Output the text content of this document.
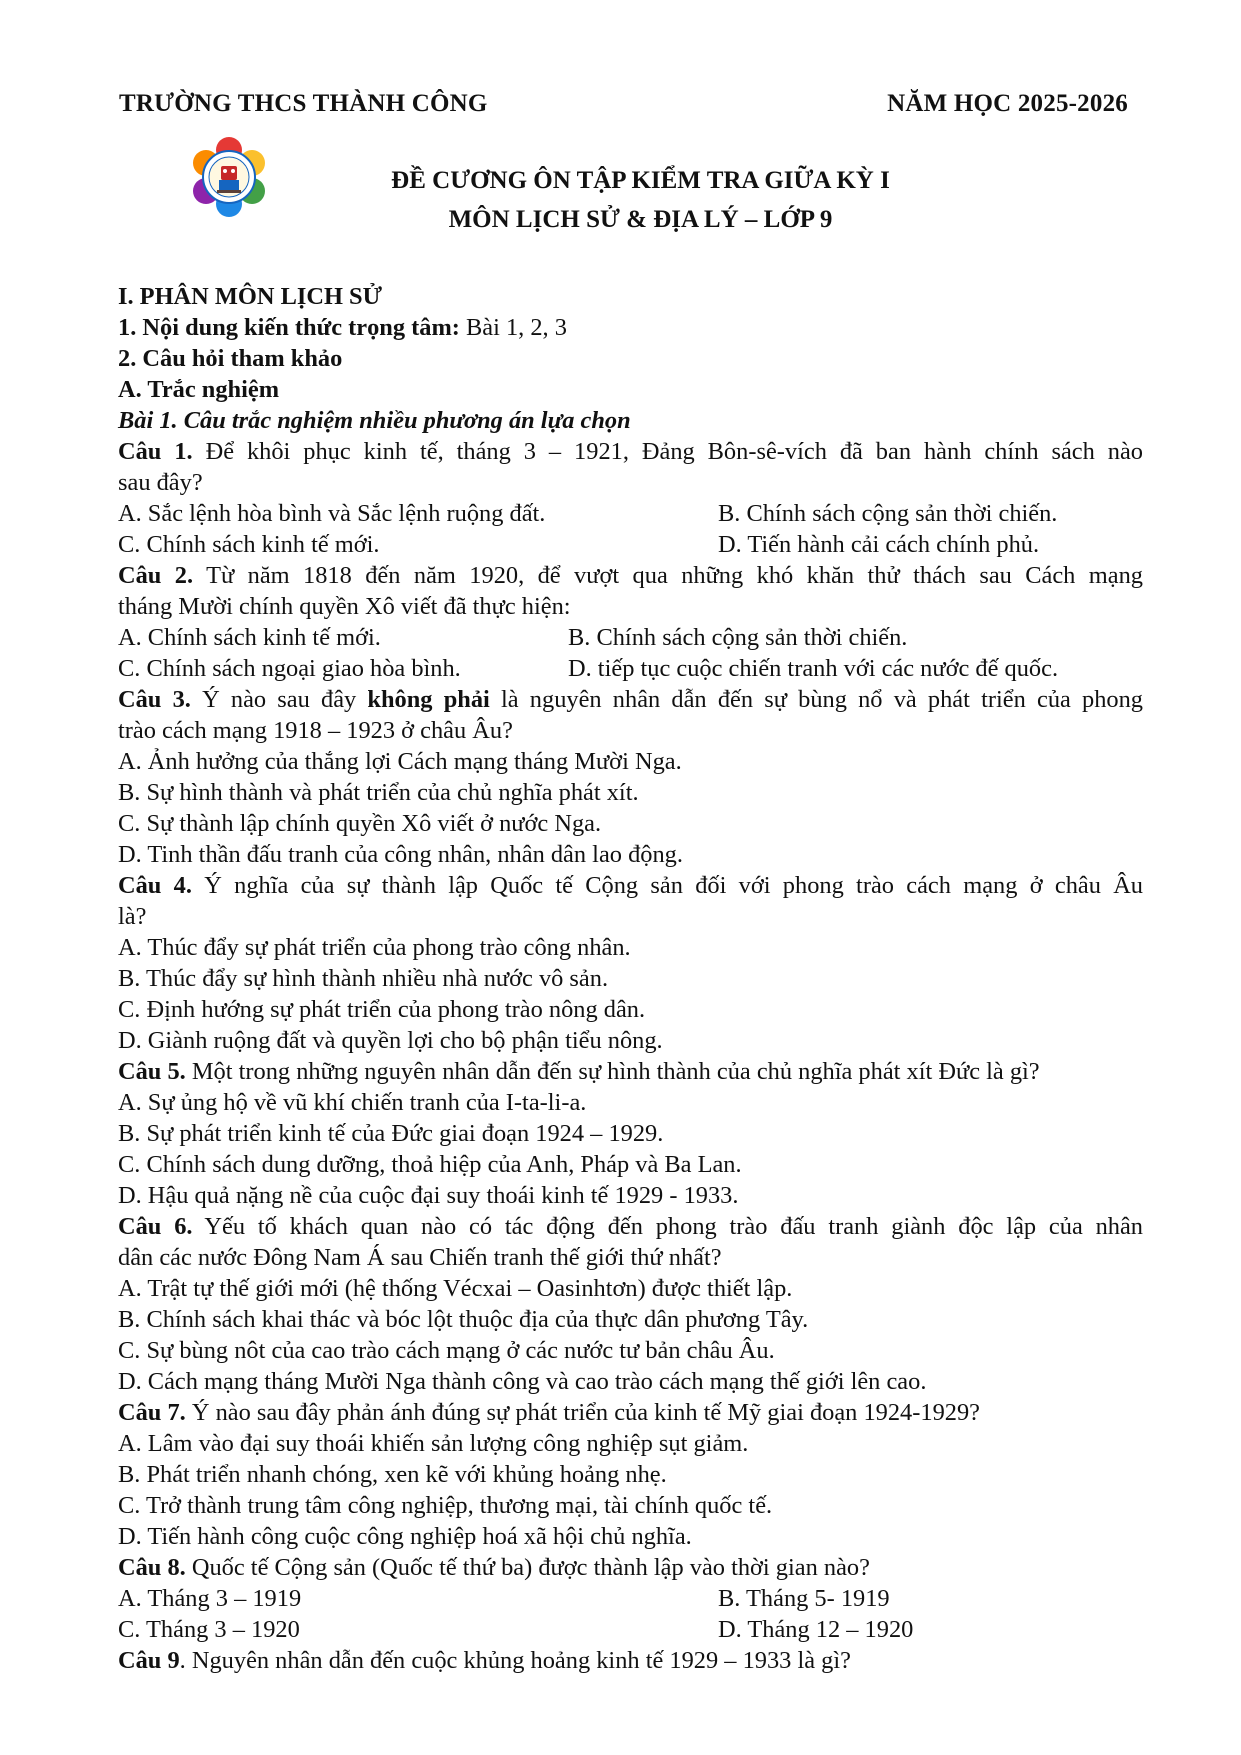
TRƯỜNG THCS THÀNH CÔNG	NĂM HỌC 2025-2026
ĐỀ CƯƠNG ÔN TẬP KIỂM TRA GIỮA KỲ I
MÔN LỊCH SỬ & ĐỊA LÝ – LỚP 9
I. PHÂN MÔN LỊCH SỬ
1. Nội dung kiến thức trọng tâm: Bài 1, 2, 3
2. Câu hỏi tham khảo
A. Trắc nghiệm
Bài 1. Câu trắc nghiệm nhiều phương án lựa chọn
Câu 1. Để khôi phục kinh tế, tháng 3 – 1921, Đảng Bôn-sê-vích đã ban hành chính sách nào
sau đây?
A. Sắc lệnh hòa bình và Sắc lệnh ruộng đất.	B. Chính sách cộng sản thời chiến.
C. Chính sách kinh tế mới.	D. Tiến hành cải cách chính phủ.
Câu 2. Từ năm 1818 đến năm 1920, để vượt qua những khó khăn thử thách sau Cách mạng
tháng Mười chính quyền Xô viết đã thực hiện:
A. Chính sách kinh tế mới.	B. Chính sách cộng sản thời chiến.
C. Chính sách ngoại giao hòa bình.	D. tiếp tục cuộc chiến tranh với các nước đế quốc.
Câu 3. Ý nào sau đây không phải là nguyên nhân dẫn đến sự bùng nổ và phát triển của phong
trào cách mạng 1918 – 1923 ở châu Âu?
A. Ảnh hưởng của thắng lợi Cách mạng tháng Mười Nga.
B. Sự hình thành và phát triển của chủ nghĩa phát xít.
C. Sự thành lập chính quyền Xô viết ở nước Nga.
D. Tinh thần đấu tranh của công nhân, nhân dân lao động.
Câu 4. Ý nghĩa của sự thành lập Quốc tế Cộng sản đối với phong trào cách mạng ở châu Âu
là?
A. Thúc đẩy sự phát triển của phong trào công nhân.
B. Thúc đẩy sự hình thành nhiều nhà nước vô sản.
C. Định hướng sự phát triển của phong trào nông dân.
D. Giành ruộng đất và quyền lợi cho bộ phận tiểu nông.
Câu 5. Một trong những nguyên nhân dẫn đến sự hình thành của chủ nghĩa phát xít Đức là gì?
A. Sự ủng hộ về vũ khí chiến tranh của I-ta-li-a.
B. Sự phát triển kinh tế của Đức giai đoạn 1924 – 1929.
C. Chính sách dung dưỡng, thoả hiệp của Anh, Pháp và Ba Lan.
D. Hậu quả nặng nề của cuộc đại suy thoái kinh tế 1929 - 1933.
Câu 6. Yếu tố khách quan nào có tác động đến phong trào đấu tranh giành độc lập của nhân
dân các nước Đông Nam Á sau Chiến tranh thế giới thứ nhất?
A. Trật tự thế giới mới (hệ thống Vécxai – Oasinhtơn) được thiết lập.
B. Chính sách khai thác và bóc lột thuộc địa của thực dân phương Tây.
C. Sự bùng nôt của cao trào cách mạng ở các nước tư bản châu Âu.
D. Cách mạng tháng Mười Nga thành công và cao trào cách mạng thế giới lên cao.
Câu 7. Ý nào sau đây phản ánh đúng sự phát triển của kinh tế Mỹ giai đoạn 1924-1929?
A. Lâm vào đại suy thoái khiến sản lượng công nghiệp sụt giảm.
B. Phát triển nhanh chóng, xen kẽ với khủng hoảng nhẹ.
C. Trở thành trung tâm công nghiệp, thương mại, tài chính quốc tế.
D. Tiến hành công cuộc công nghiệp hoá xã hội chủ nghĩa.
Câu 8. Quốc tế Cộng sản (Quốc tế thứ ba) được thành lập vào thời gian nào?
A. Tháng 3 – 1919	B. Tháng 5- 1919
C. Tháng 3 – 1920	D. Tháng 12 – 1920
Câu 9. Nguyên nhân dẫn đến cuộc khủng hoảng kinh tế 1929 – 1933 là gì?
